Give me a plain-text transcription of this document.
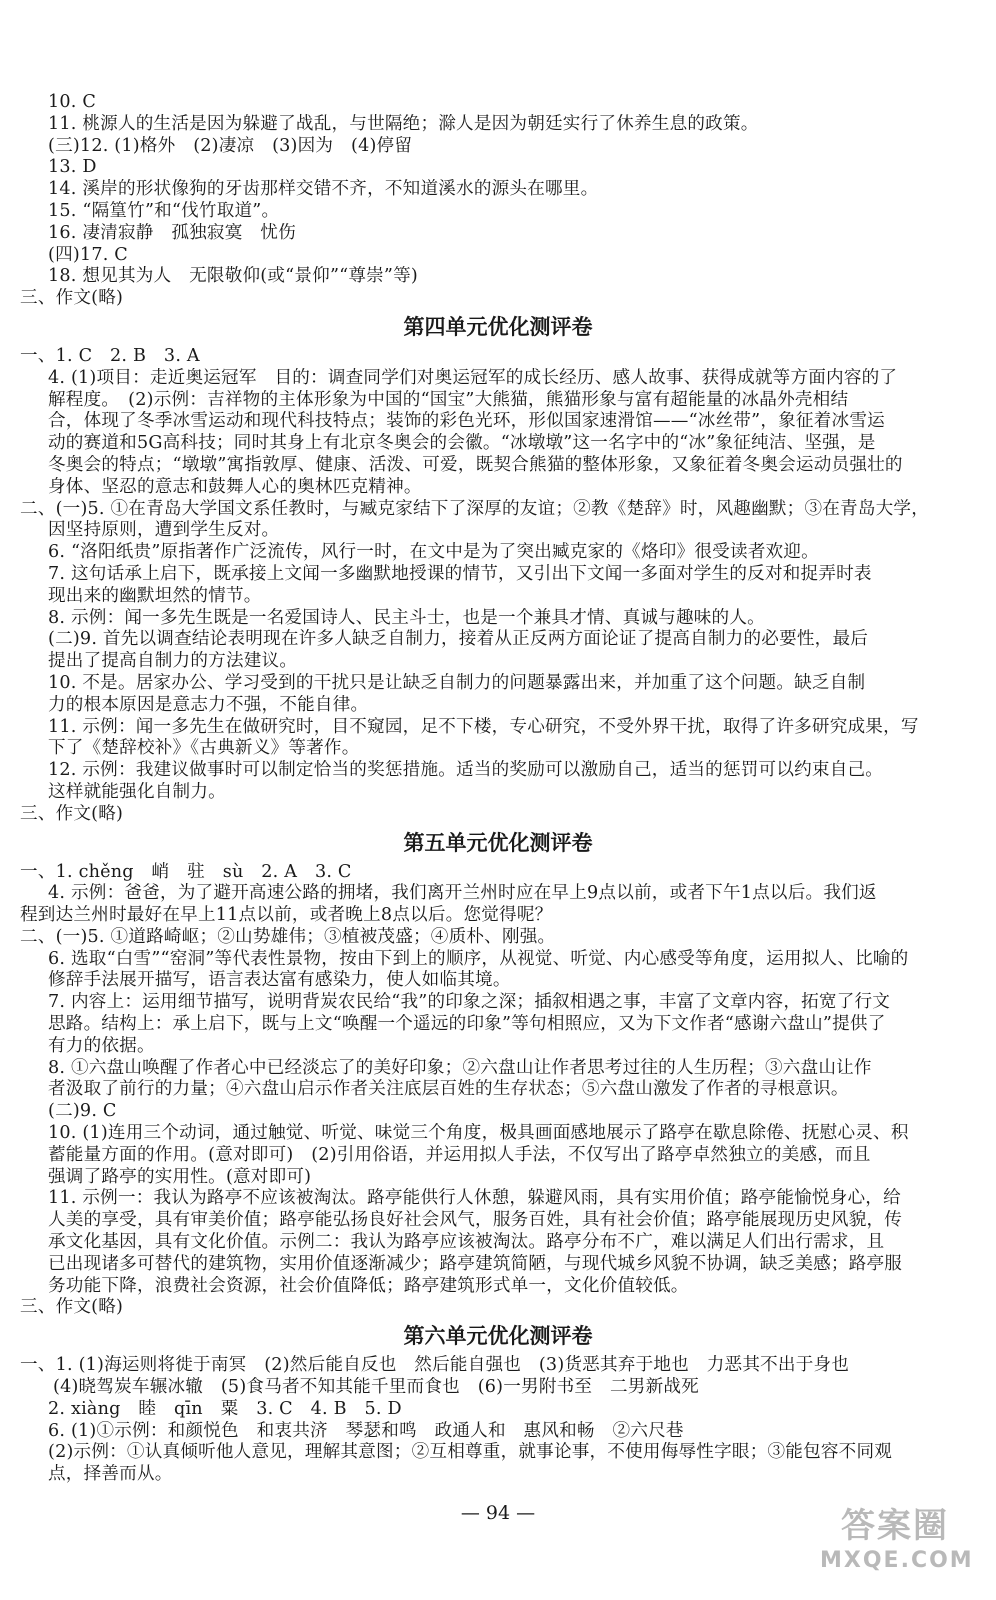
10. C
11. 桃源人的生活是因为躲避了战乱，与世隔绝；滁人是因为朝廷实行了休养生息的政策。
(三)12. (1)格外　(2)凄凉　(3)因为　(4)停留
13. D
14. 溪岸的形状像狗的牙齿那样交错不齐，不知道溪水的源头在哪里。
15. “隔篁竹”和“伐竹取道”。
16. 凄清寂静　孤独寂寞　忧伤
(四)17. C
18. 想见其为人　无限敬仰(或“景仰”“尊崇”等)
三、作文(略)
第四单元优化测评卷
一、1. C　2. B　3. A
4. (1)项目：走近奥运冠军　目的：调查同学们对奥运冠军的成长经历、感人故事、获得成就等方面内容的了
解程度。　(2)示例：吉祥物的主体形象为中国的“国宝”大熊猫，熊猫形象与富有超能量的冰晶外壳相结
合，体现了冬季冰雪运动和现代科技特点；装饰的彩色光环，形似国家速滑馆——“冰丝带”，象征着冰雪运
动的赛道和5G高科技；同时其身上有北京冬奥会的会徽。“冰墩墩”这一名字中的“冰”象征纯洁、坚强，是
冬奥会的特点；“墩墩”寓指敦厚、健康、活泼、可爱，既契合熊猫的整体形象，又象征着冬奥会运动员强壮的
身体、坚忍的意志和鼓舞人心的奥林匹克精神。
二、(一)5. ①在青岛大学国文系任教时，与臧克家结下了深厚的友谊；②教《楚辞》时，风趣幽默；③在青岛大学，
因坚持原则，遭到学生反对。
6. “洛阳纸贵”原指著作广泛流传，风行一时，在文中是为了突出臧克家的《烙印》很受读者欢迎。
7. 这句话承上启下，既承接上文闻一多幽默地授课的情节，又引出下文闻一多面对学生的反对和捉弄时表
现出来的幽默坦然的情节。
8. 示例：闻一多先生既是一名爱国诗人、民主斗士，也是一个兼具才情、真诚与趣味的人。
(二)9. 首先以调查结论表明现在许多人缺乏自制力，接着从正反两方面论证了提高自制力的必要性，最后
提出了提高自制力的方法建议。
10. 不是。居家办公、学习受到的干扰只是让缺乏自制力的问题暴露出来，并加重了这个问题。缺乏自制
力的根本原因是意志力不强，不能自律。
11. 示例：闻一多先生在做研究时，目不窥园，足不下楼，专心研究，不受外界干扰，取得了许多研究成果，写
下了《楚辞校补》《古典新义》等著作。
12. 示例：我建议做事时可以制定恰当的奖惩措施。适当的奖励可以激励自己，适当的惩罚可以约束自己。
这样就能强化自制力。
三、作文(略)
第五单元优化测评卷
一、1. chěng　峭　驻　sù　2. A　3. C
4. 示例：爸爸，为了避开高速公路的拥堵，我们离开兰州时应在早上9点以前，或者下午1点以后。我们返
程到达兰州时最好在早上11点以前，或者晚上8点以后。您觉得呢？
二、(一)5. ①道路崎岖；②山势雄伟；③植被茂盛；④质朴、刚强。
6. 选取“白雪”“窑洞”等代表性景物，按由下到上的顺序，从视觉、听觉、内心感受等角度，运用拟人、比喻的
修辞手法展开描写，语言表达富有感染力，使人如临其境。
7. 内容上：运用细节描写，说明背炭农民给“我”的印象之深；插叙相遇之事，丰富了文章内容，拓宽了行文
思路。结构上：承上启下，既与上文“唤醒一个遥远的印象”等句相照应，又为下文作者“感谢六盘山”提供了
有力的依据。
8. ①六盘山唤醒了作者心中已经淡忘了的美好印象；②六盘山让作者思考过往的人生历程；③六盘山让作
者汲取了前行的力量；④六盘山启示作者关注底层百姓的生存状态；⑤六盘山激发了作者的寻根意识。
(二)9. C
10. (1)连用三个动词，通过触觉、听觉、味觉三个角度，极具画面感地展示了路亭在歇息除倦、抚慰心灵、积
蓄能量方面的作用。(意对即可)　(2)引用俗语，并运用拟人手法，不仅写出了路亭卓然独立的美感，而且
强调了路亭的实用性。(意对即可)
11. 示例一：我认为路亭不应该被淘汰。路亭能供行人休憩，躲避风雨，具有实用价值；路亭能愉悦身心，给
人美的享受，具有审美价值；路亭能弘扬良好社会风气，服务百姓，具有社会价值；路亭能展现历史风貌，传
承文化基因，具有文化价值。示例二：我认为路亭应该被淘汰。路亭分布不广，难以满足人们出行需求，且
已出现诸多可替代的建筑物，实用价值逐渐减少；路亭建筑简陋，与现代城乡风貌不协调，缺乏美感；路亭服
务功能下降，浪费社会资源，社会价值降低；路亭建筑形式单一，文化价值较低。
三、作文(略)
第六单元优化测评卷
一、1. (1)海运则将徙于南冥　(2)然后能自反也　然后能自强也　(3)货恶其弃于地也　力恶其不出于身也
(4)晓驾炭车辗冰辙　(5)食马者不知其能千里而食也　(6)一男附书至　二男新战死
2. xiàng　睦　qīn　粟　3. C　4. B　5. D
6. (1)①示例：和颜悦色　和衷共济　琴瑟和鸣　政通人和　惠风和畅　②六尺巷
(2)示例：①认真倾听他人意见，理解其意图；②互相尊重，就事论事，不使用侮辱性字眼；③能包容不同观
点，择善而从。
— 94 —	答案圈
MXQE.COM
